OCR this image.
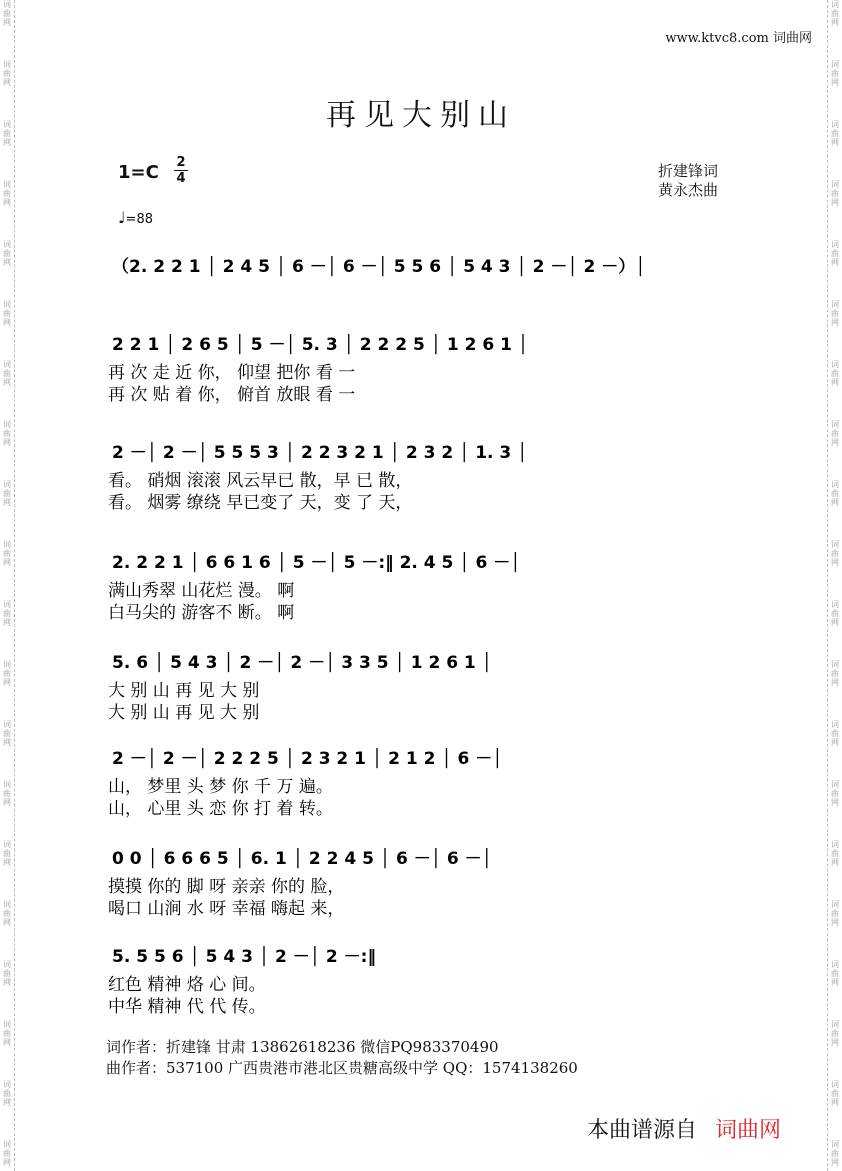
词
曲
网
词
曲
网
词
曲
网
词
曲
网
词
曲
网
词
曲
网
词
曲
网
词
曲
网
词
曲
网
词
曲
网
词
曲
网
词
曲
网
词
曲
网
词
曲
网
词
曲
网
词
曲
网
词
曲
网
词
曲
网
词
曲
网
词
曲
网
词
曲
网
词
曲
网
词
曲
网
词
曲
网
词
曲
网
词
曲
网
词
曲
网
词
曲
网
词
曲
网
词
曲
网
词
曲
网
词
曲
网
词
曲
网
词
曲
网
词
曲
网
词
曲
网
词
曲
网
词
曲
网
词
曲
网
词
曲
网
www.ktvc8.com 词曲网
再见大别山
1=C 2
4	折建锋词
黄永杰曲
♩=88
（2. 2 2 1 │ 2 4 5 │ 6 －│ 6 －│ 5 5 6 │ 5 4 3 │ 2 －│ 2 －）│
2 2 1 │ 2 6 5 │ 5 －│ 5. 3 │ 2 2 2 5 │ 1 2 6 1 │
再 次 走 近 你， 仰望 把你 看 一
再 次 贴 着 你， 俯首 放眼 看 一
2 －│ 2 －│ 5 5 5 3 │ 2 2 3 2 1 │ 2 3 2 │ 1. 3 │
看。 硝烟 滚滚 风云早已 散，早 已 散，
看。 烟雾 缭绕 早已变了 天，变 了 天，
2. 2 2 1 │ 6 6 1 6 │ 5 －│ 5 －:‖ 2. 4 5 │ 6 －│
满山秀翠 山花烂 漫。 啊
白马尖的 游客不 断。 啊
5. 6 │ 5 4 3 │ 2 －│ 2 －│ 3 3 5 │ 1 2 6 1 │
大 别 山 再 见 大 别
大 别 山 再 见 大 别
2 －│ 2 －│ 2 2 2 5 │ 2 3 2 1 │ 2 1 2 │ 6 －│
山， 梦里 头 梦 你 千 万 遍。
山， 心里 头 恋 你 打 着 转。
0 0 │ 6 6 6 5 │ 6. 1 │ 2 2 4 5 │ 6 －│ 6 －│
摸摸 你的 脚 呀 亲亲 你的 脸，
喝口 山涧 水 呀 幸福 嗨起 来，
5. 5 5 6 │ 5 4 3 │ 2 －│ 2 －:‖
红色 精神 烙 心 间。
中华 精神 代 代 传。
词作者：折建锋 甘肃 13862618236 微信PQ983370490
曲作者：537100 广西贵港市港北区贵糖高级中学 QQ：1574138260
本曲谱源自 词曲网
